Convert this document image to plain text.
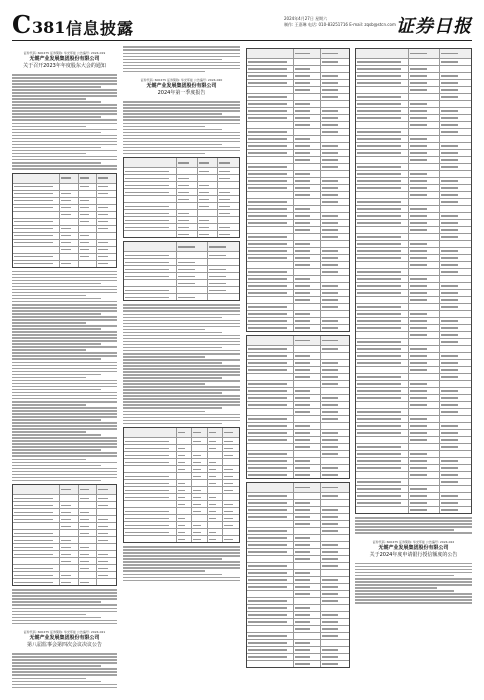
C 381 信息披露
2024年4月27日 星期六
制作: 王嘉琳 电话: 010-83251716 E-mail: zqsb@stcn.com 证券日报
证券代码: 600475 证券简称: 华光环能 公告编号: 2024-019
无锡产业发展集团股份有限公司
关于召开2023年年度股东大会的通知
证券代码: 600475 证券简称: 华光环能 公告编号: 2024-021
无锡产业发展集团股份有限公司
第八届监事会第四次会议决议公告
证券代码: 600475 证券简称: 华光环能 公告编号: 2024-020
无锡产业发展集团股份有限公司
2024年第一季度报告
证券代码: 600475 证券简称: 华光环能 公告编号: 2024-022
无锡产业发展集团股份有限公司
关于2024年度申请银行授信额度的公告
